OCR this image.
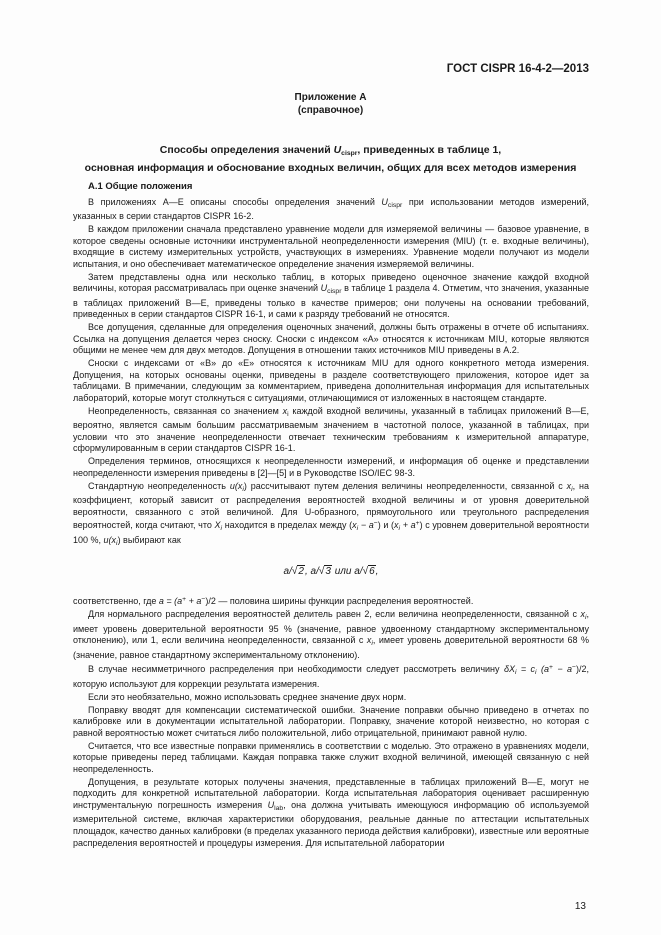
ГОСТ CISPR 16-4-2—2013
Приложение А
(справочное)
Способы определения значений $U_{cispr}$, приведенных в таблице 1,
основная информация и обоснование входных величин, общих для всех методов измерения
А.1 Общие положения

В приложениях А—Е описаны способы определения значений $U_{cispr}$ при использовании методов измерений, указанных в серии стандартов CISPR 16-2.

В каждом приложении сначала представлено уравнение модели для измеряемой величины — базовое уравнение, в которое сведены основные источники инструментальной неопределенности измерения (MIU) (т. е. входные величины), входящие в систему измерительных устройств, участвующих в измерениях. Уравнение модели получают из модели испытания, и оно обеспечивает математическое определение значения измеряемой величины.

Затем представлены одна или несколько таблиц, в которых приведено оценочное значение каждой входной величины, которая рассматривалась при оценке значений $U_{cispr}$ в таблице 1 раздела 4. Отметим, что значения, указанные в таблицах приложений В—Е, приведены только в качестве примеров; они получены на основании требований, приведенных в серии стандартов CISPR 16-1, и сами к разряду требований не относятся.

Все допущения, сделанные для определения оценочных значений, должны быть отражены в отчете об испытаниях. Ссылка на допущения делается через сноску. Сноски с индексом «А» относятся к источникам MIU, которые являются общими не менее чем для двух методов. Допущения в отношении таких источников MIU приведены в А.2.

Сноски с индексами от «В» до «Е» относятся к источникам MIU для одного конкретного метода измерения. Допущения, на которых основаны оценки, приведены в разделе соответствующего приложения, которое идет за таблицами. В примечании, следующим за комментарием, приведена дополнительная информация для испытательных лабораторий, которые могут столкнуться с ситуациями, отличающимися от изложенных в настоящем стандарте.

Неопределенность, связанная со значением $x_i$ каждой входной величины, указанный в таблицах приложений В—Е, вероятно, является самым большим рассматриваемым значением в частотной полосе, указанной в таблицах, при условии что это значение неопределенности отвечает техническим требованиям к измерительной аппаратуре, сформулированным в серии стандартов CISPR 16-1.

Определения терминов, относящихся к неопределенности измерений, и информация об оценке и представлении неопределенности измерения приведены в [2]—[5] и в Руководстве ISO/IEC 98-3.

Стандартную неопределенность $u(x_i)$ рассчитывают путем деления величины неопределенности, связанной с $x_i$, на коэффициент, который зависит от распределения вероятностей входной величины и от уровня доверительной вероятности, связанного с этой величиной. Для U-образного, прямоугольного или треугольного распределения вероятностей, когда считают, что $X_i$ находится в пределах между $(x_i - a^-)$ и $(x_i + a^+)$ с уровнем доверительной вероятности 100 %, $u(x_i)$ выбирают как

a/√2, a/√3 или a/√6,

соответственно, где a = (a+ + a−)/2 — половина ширины функции распределения вероятностей.

Для нормального распределения вероятностей делитель равен 2, если величина неопределенности, связанной с $x_i$, имеет уровень доверительной вероятности 95 % (значение, равное удвоенному стандартному экспериментальному отклонению), или 1, если величина неопределенности, связанной с $x_i$, имеет уровень доверительной вероятности 68 % (значение, равное стандартному экспериментальному отклонению).

В случае несимметричного распределения при необходимости следует рассмотреть величину $\delta X_i = c_i$ (a+ − a−)/2, которую используют для коррекции результата измерения.

Если это необязательно, можно использовать среднее значение двух норм.

Поправку вводят для компенсации систематической ошибки. Значение поправки обычно приведено в отчетах по калибровке или в документации испытательной лаборатории. Поправку, значение которой неизвестно, но которая с равной вероятностью может считаться либо положительной, либо отрицательной, принимают равной нулю.

Считается, что все известные поправки применялись в соответствии с моделью. Это отражено в уравнениях модели, которые приведены перед таблицами. Каждая поправка также служит входной величиной, имеющей связанную с ней неопределенность.

Допущения, в результате которых получены значения, представленные в таблицах приложений В—Е, могут не подходить для конкретной испытательной лаборатории. Когда испытательная лаборатория оценивает расширенную инструментальную погрешность измерения $U_{lab}$, она должна учитывать имеющуюся информацию об используемой измерительной системе, включая характеристики оборудования, реальные данные по аттестации испытательных площадок, качество данных калибровки (в пределах указанного периода действия калибровки), известные или вероятные распределения вероятностей и процедуры измерения. Для испытательной лаборатории

13
